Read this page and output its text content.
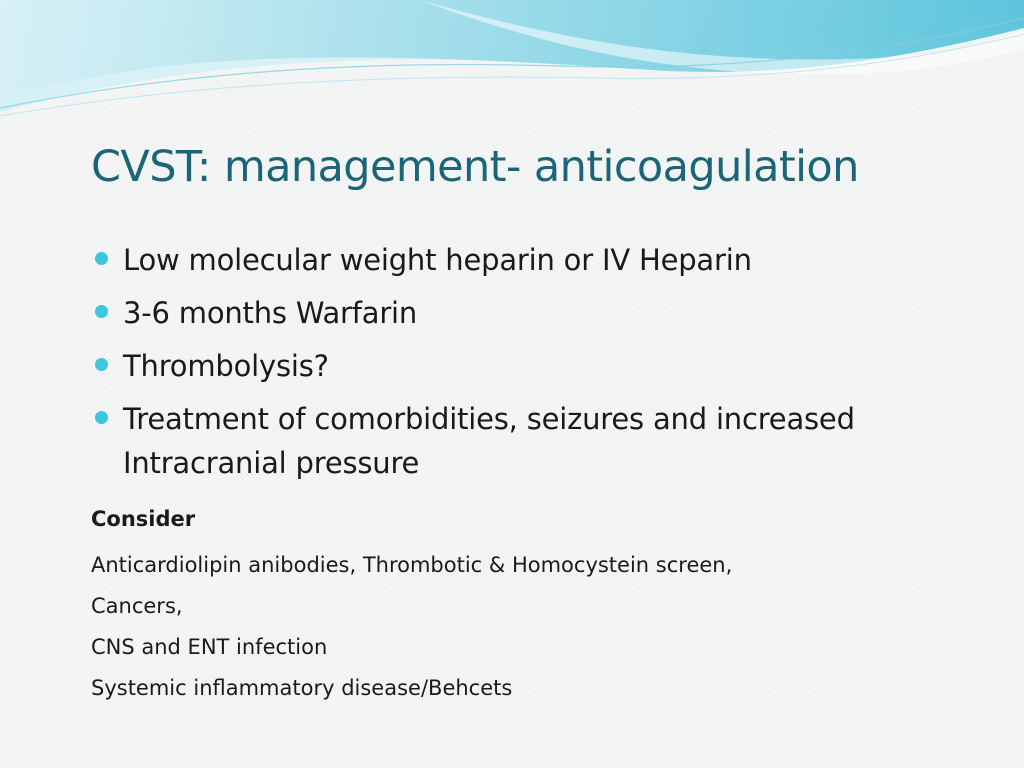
CVST: management- anticoagulation
Low molecular weight heparin or IV Heparin
3-6 months Warfarin
Thrombolysis?
Treatment of comorbidities, seizures and increased Intracranial pressure
Consider
Anticardiolipin anibodies, Thrombotic & Homocystein screen,
Cancers,
CNS and ENT infection
Systemic inflammatory disease/Behcets
